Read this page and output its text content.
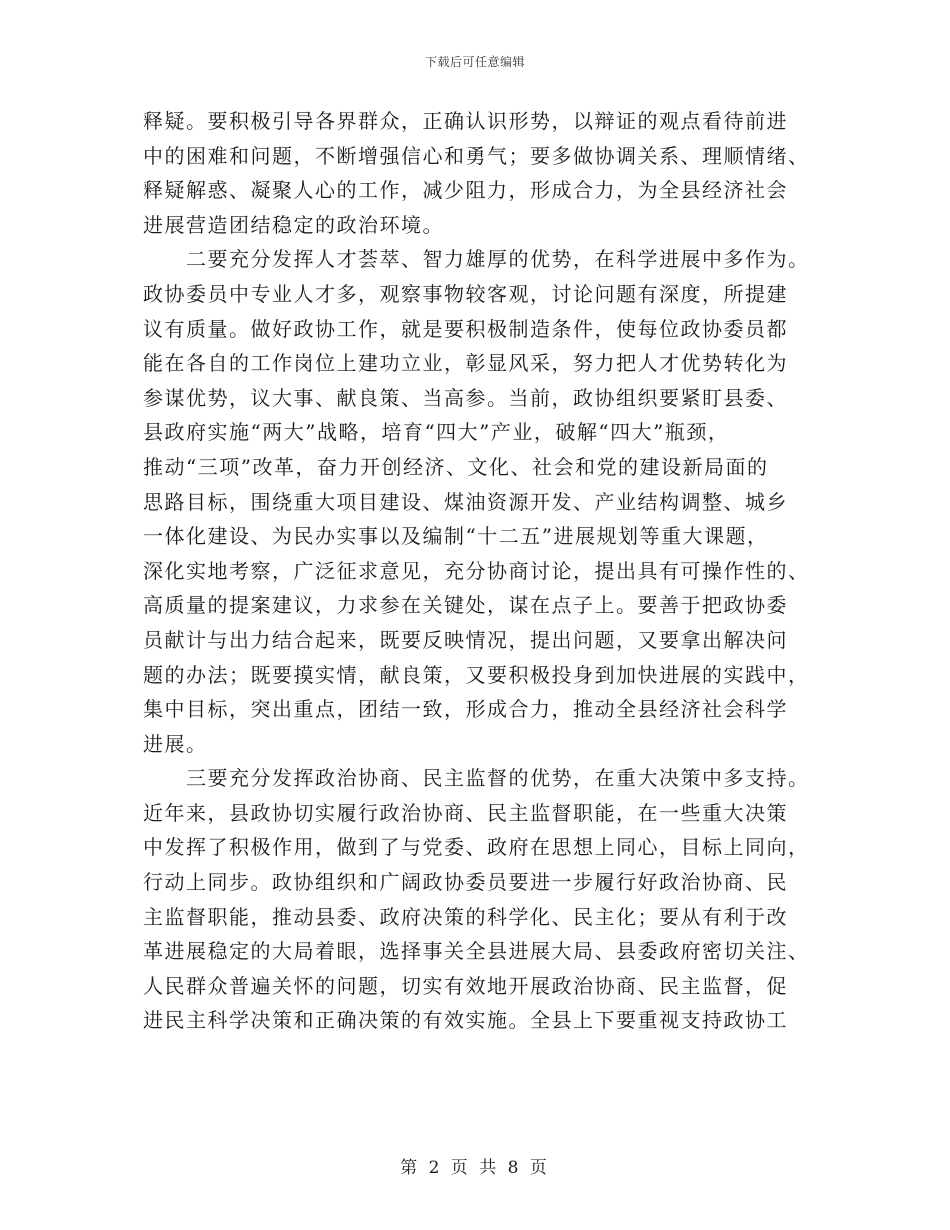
下载后可任意编辑
释疑。要积极引导各界群众，正确认识形势，以辩证的观点看待前进
中的困难和问题，不断增强信心和勇气；要多做协调关系、理顺情绪、
释疑解惑、凝聚人心的工作，减少阻力，形成合力，为全县经济社会
进展营造团结稳定的政治环境。
　　二要充分发挥人才荟萃、智力雄厚的优势，在科学进展中多作为。
政协委员中专业人才多，观察事物较客观，讨论问题有深度，所提建
议有质量。做好政协工作，就是要积极制造条件，使每位政协委员都
能在各自的工作岗位上建功立业，彰显风采，努力把人才优势转化为
参谋优势，议大事、献良策、当高参。当前，政协组织要紧盯县委、
县政府实施“两大”战略，培育“四大”产业，破解“四大”瓶颈，
推动“三项”改革，奋力开创经济、文化、社会和党的建设新局面的
思路目标，围绕重大项目建设、煤油资源开发、产业结构调整、城乡
一体化建设、为民办实事以及编制“十二五”进展规划等重大课题，
深化实地考察，广泛征求意见，充分协商讨论，提出具有可操作性的、
高质量的提案建议，力求参在关键处，谋在点子上。要善于把政协委
员献计与出力结合起来，既要反映情况，提出问题，又要拿出解决问
题的办法；既要摸实情，献良策，又要积极投身到加快进展的实践中，
集中目标，突出重点，团结一致，形成合力，推动全县经济社会科学
进展。
　　三要充分发挥政治协商、民主监督的优势，在重大决策中多支持。
近年来，县政协切实履行政治协商、民主监督职能，在一些重大决策
中发挥了积极作用，做到了与党委、政府在思想上同心，目标上同向，
行动上同步。政协组织和广阔政协委员要进一步履行好政治协商、民
主监督职能，推动县委、政府决策的科学化、民主化；要从有利于改
革进展稳定的大局着眼，选择事关全县进展大局、县委政府密切关注、
人民群众普遍关怀的问题，切实有效地开展政治协商、民主监督，促
进民主科学决策和正确决策的有效实施。全县上下要重视支持政协工
第 2 页 共 8 页
